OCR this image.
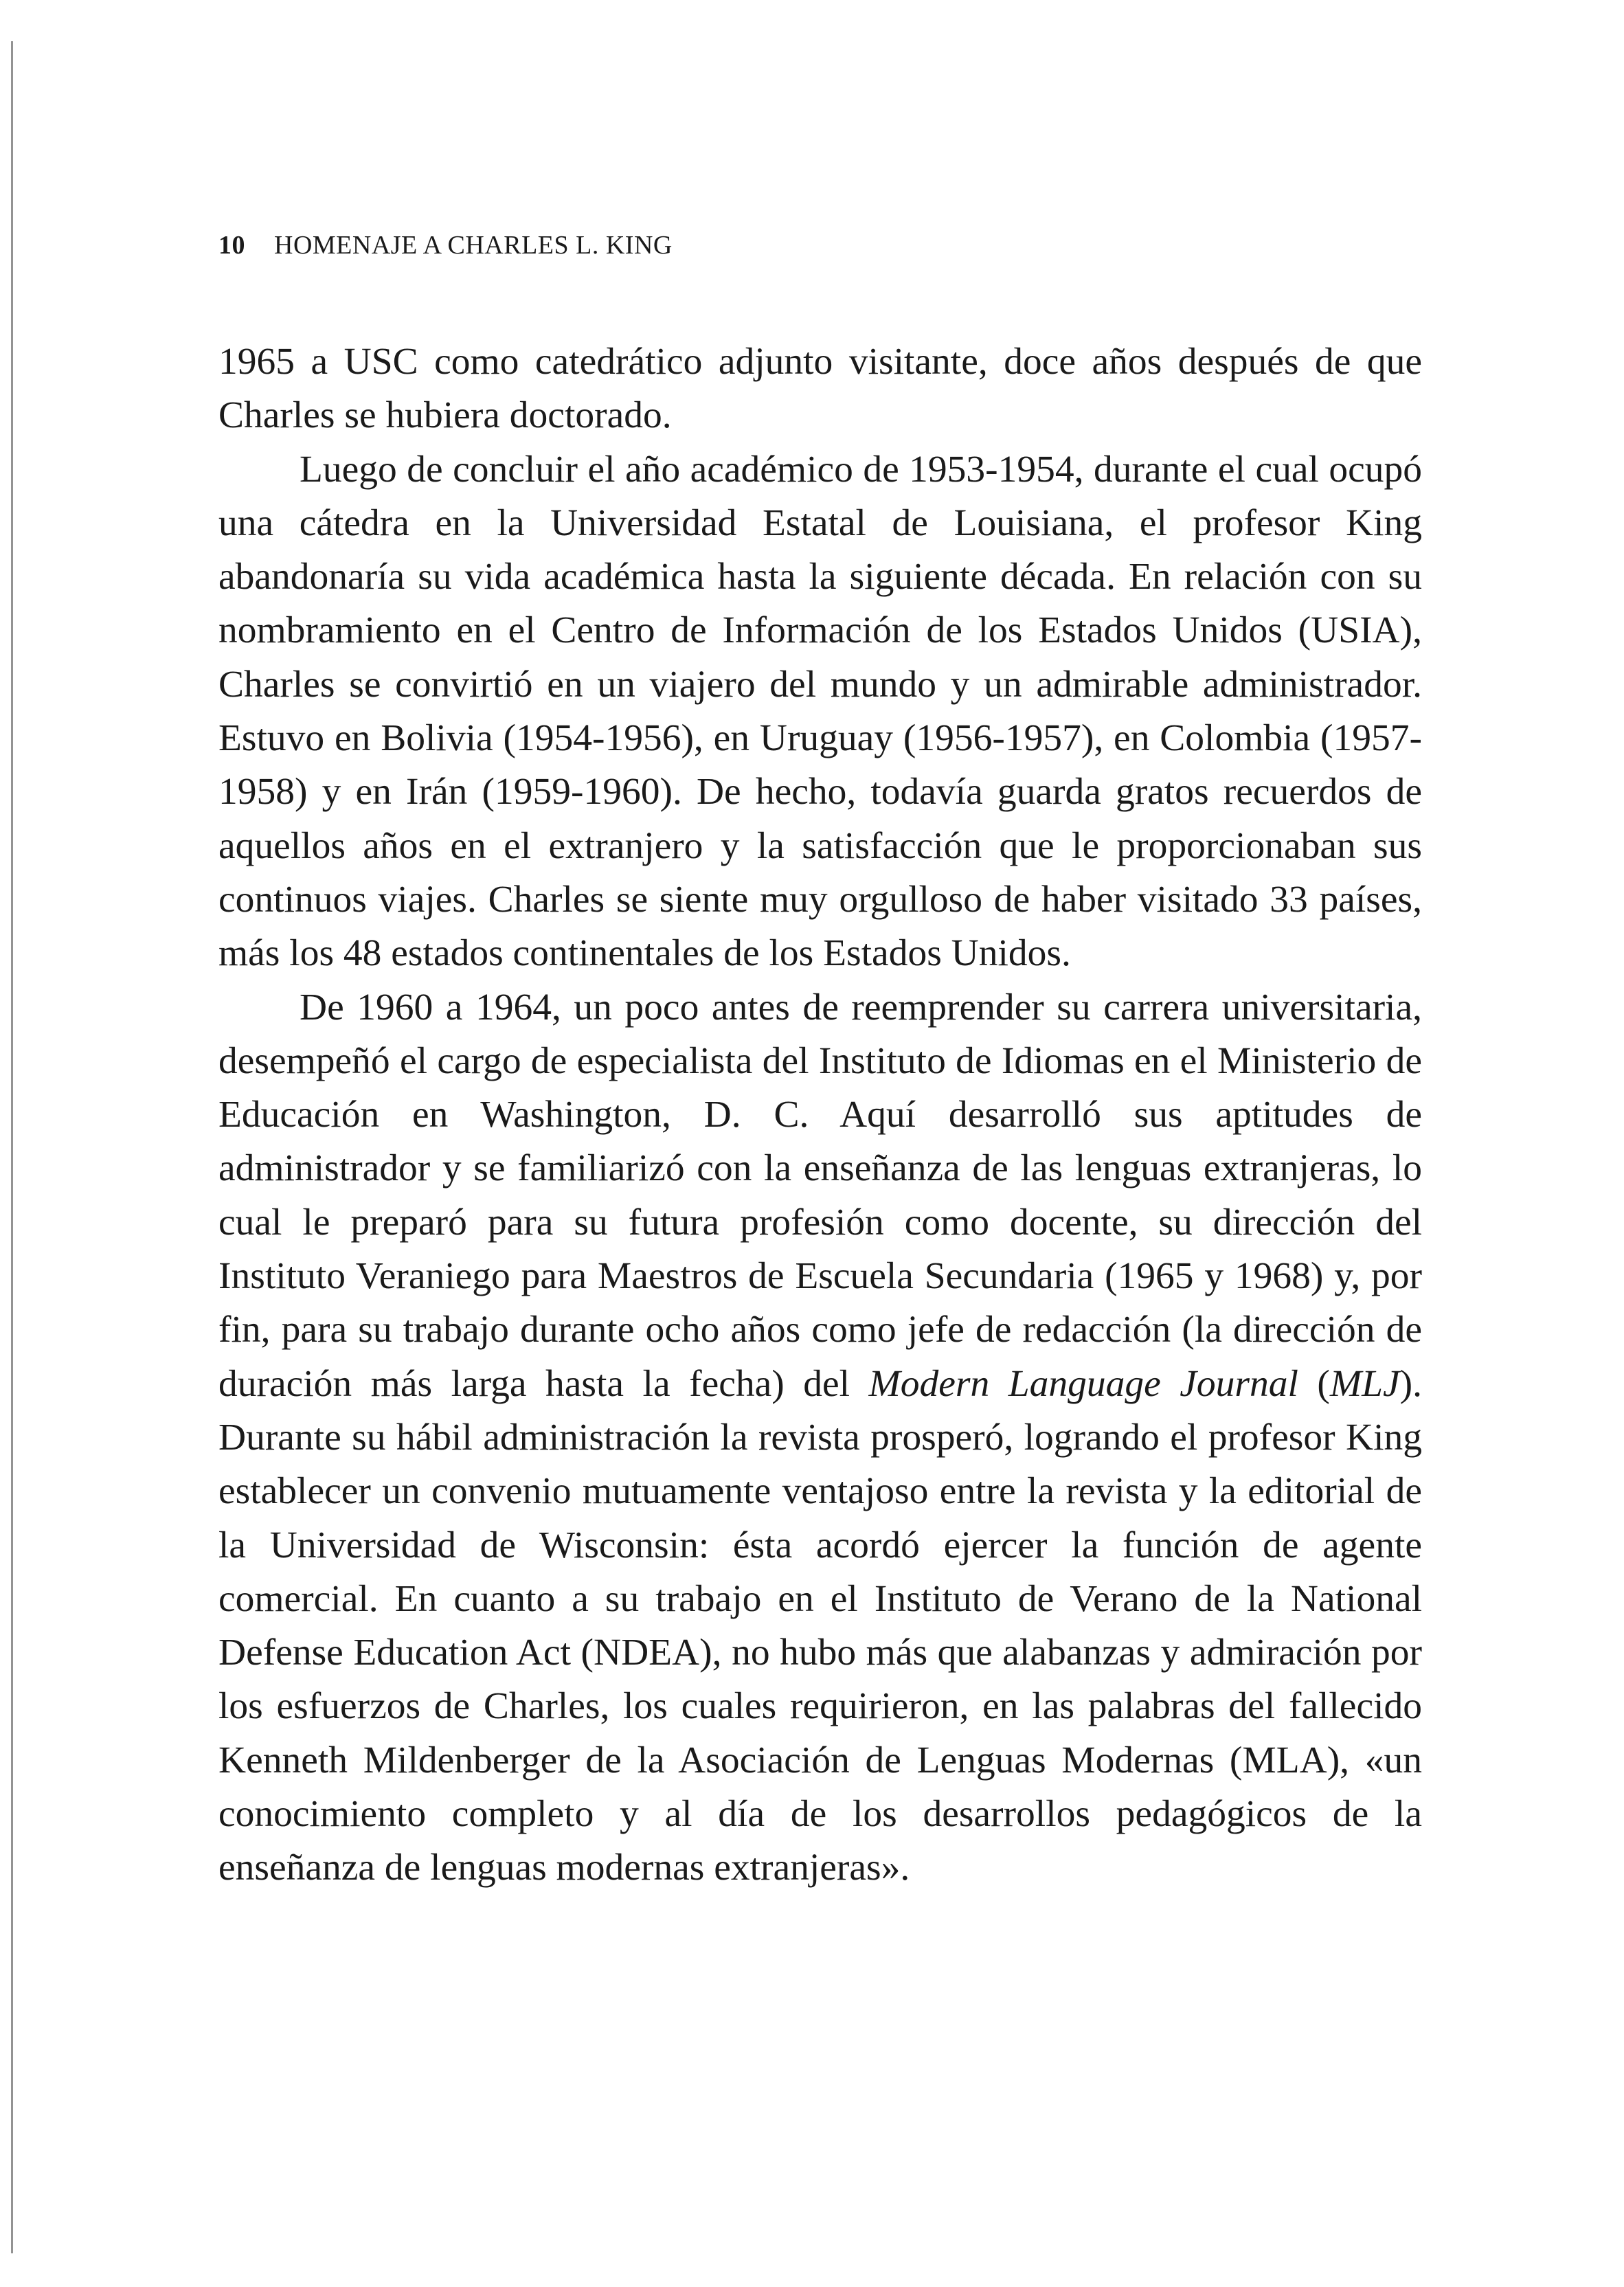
10 HOMENAJE A CHARLES L. KING

1965 a USC como catedrático adjunto visitante, doce años después de que Charles se hubiera doctorado.

Luego de concluir el año académico de 1953-1954, durante el cual ocupó una cátedra en la Universidad Estatal de Louisiana, el profesor King abandonaría su vida académica hasta la siguiente década. En relación con su nombramiento en el Centro de Información de los Estados Unidos (USIA), Charles se convirtió en un viajero del mundo y un admirable administrador. Estuvo en Bolivia (1954-1956), en Uruguay (1956-1957), en Colombia (1957-1958) y en Irán (1959-1960). De hecho, todavía guarda gratos recuerdos de aquellos años en el extranjero y la satisfacción que le proporcionaban sus continuos viajes. Charles se siente muy orgulloso de haber visitado 33 países, más los 48 estados continentales de los Estados Unidos.

De 1960 a 1964, un poco antes de reemprender su carrera universitaria, desempeñó el cargo de especialista del Instituto de Idiomas en el Ministerio de Educación en Washington, D. C. Aquí desarrolló sus aptitudes de administrador y se familiarizó con la enseñanza de las lenguas extranjeras, lo cual le preparó para su futura profesión como docente, su dirección del Instituto Veraniego para Maestros de Escuela Secundaria (1965 y 1968) y, por fin, para su trabajo durante ocho años como jefe de redacción (la dirección de duración más larga hasta la fecha) del Modern Language Journal (MLJ). Durante su hábil administración la revista prosperó, logrando el profesor King establecer un convenio mutuamente ventajoso entre la revista y la editorial de la Universidad de Wisconsin: ésta acordó ejercer la función de agente comercial. En cuanto a su trabajo en el Instituto de Verano de la National Defense Education Act (NDEA), no hubo más que alabanzas y admiración por los esfuerzos de Charles, los cuales requirieron, en las palabras del fallecido Kenneth Mildenberger de la Asociación de Lenguas Modernas (MLA), «un conocimiento completo y al día de los desarrollos pedagógicos de la enseñanza de lenguas modernas extranjeras».
